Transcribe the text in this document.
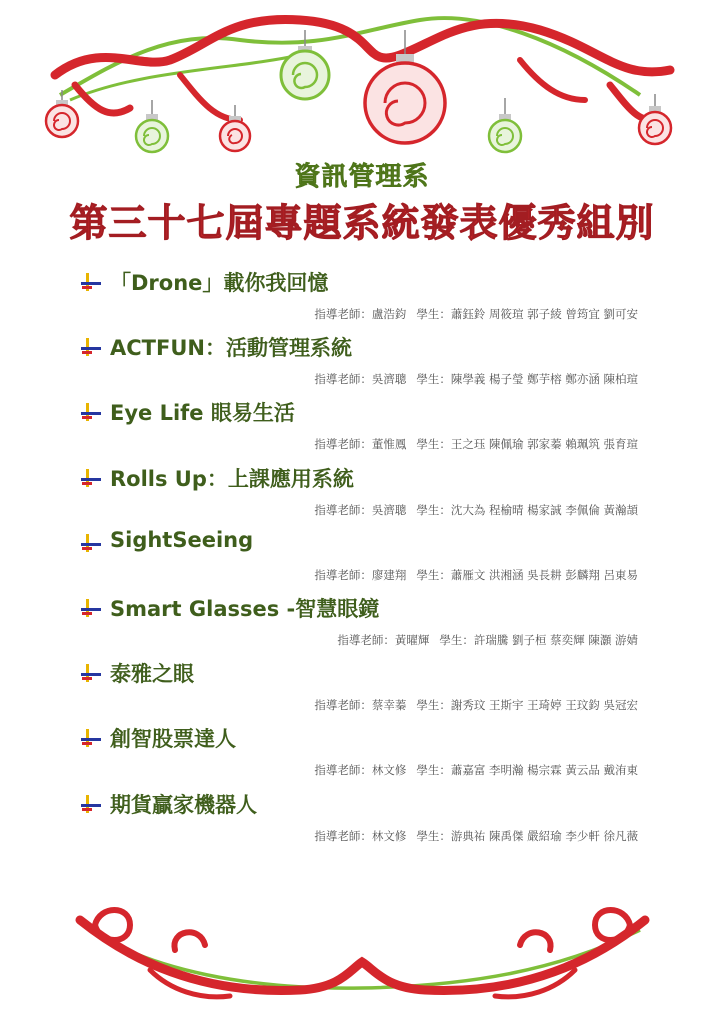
資訊管理系
第三十七屆專題系統發表優秀組別
「Drone」載你我回憶
指導老師：盧浩鈞 學生：蕭鈺鈴 周筱瑄 郭子綾 曾筠宜 劉可安
ACTFUN：活動管理系統
指導老師：吳濟聰 學生：陳學義 楊子瑩 鄭芋榕 鄭亦涵 陳柏瑄
Eye Life 眼易生活
指導老師：董惟鳳 學生：王之珏 陳佩瑜 郭家蓁 賴珮筑 張育瑄
Rolls Up：上課應用系統
指導老師：吳濟聰 學生：沈大為 程榆晴 楊家誠 李佩倫 黃瀚頡
SightSeeing
指導老師：廖建翔 學生：蕭雁文 洪湘涵 吳長耕 彭麟翔 呂東易
Smart Glasses -智慧眼鏡
指導老師：黃曜輝 學生：許瑞騰 劉子桓 蔡奕輝 陳灝 游婧
泰雅之眼
指導老師：蔡幸蓁 學生：謝秀玟 王斯宇 王琦婷 王玟鈞 吳冠宏
創智股票達人
指導老師：林文修 學生：蕭嘉富 李明瀚 楊宗霖 黃云品 戴洧東
期貨贏家機器人
指導老師：林文修 學生：游典祐 陳禹傑 嚴紹瑜 李少軒 徐凡薇
